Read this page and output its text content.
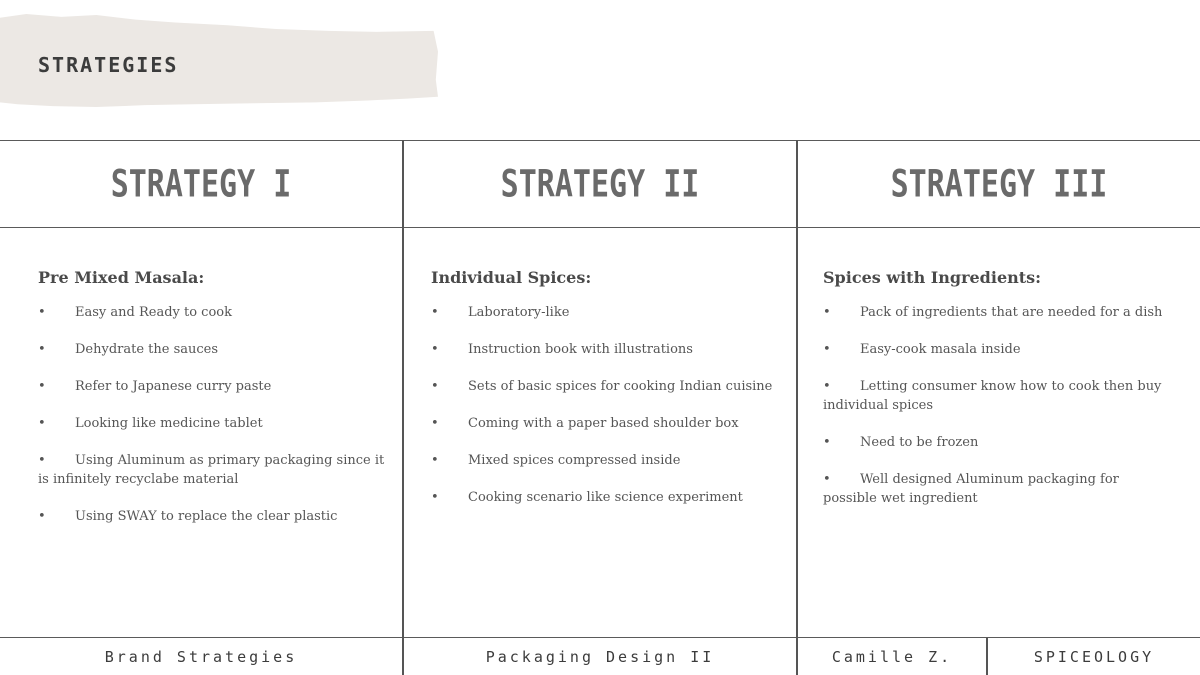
STRATEGIES
STRATEGY I	STRATEGY II	STRATEGY III
Pre Mixed Masala:
• Easy and Ready to cook
• Dehydrate the sauces
• Refer to Japanese curry paste
• Looking like medicine tablet
• Using Aluminum as primary packaging since it is infinitely recyclabe material
• Using SWAY to replace the clear plastic
Individual Spices:
• Laboratory-like
• Instruction book with illustrations
• Sets of basic spices for cooking Indian cuisine
• Coming with a paper based shoulder box
• Mixed spices compressed inside
• Cooking scenario like science experiment
Spices with Ingredients:
• Pack of ingredients that are needed for a dish
• Easy-cook masala inside
• Letting consumer know how to cook then buy individual spices
• Need to be frozen
• Well designed Aluminum packaging for possible wet ingredient
Brand Strategies	Packaging Design II	Camille Z.	SPICEOLOGY
